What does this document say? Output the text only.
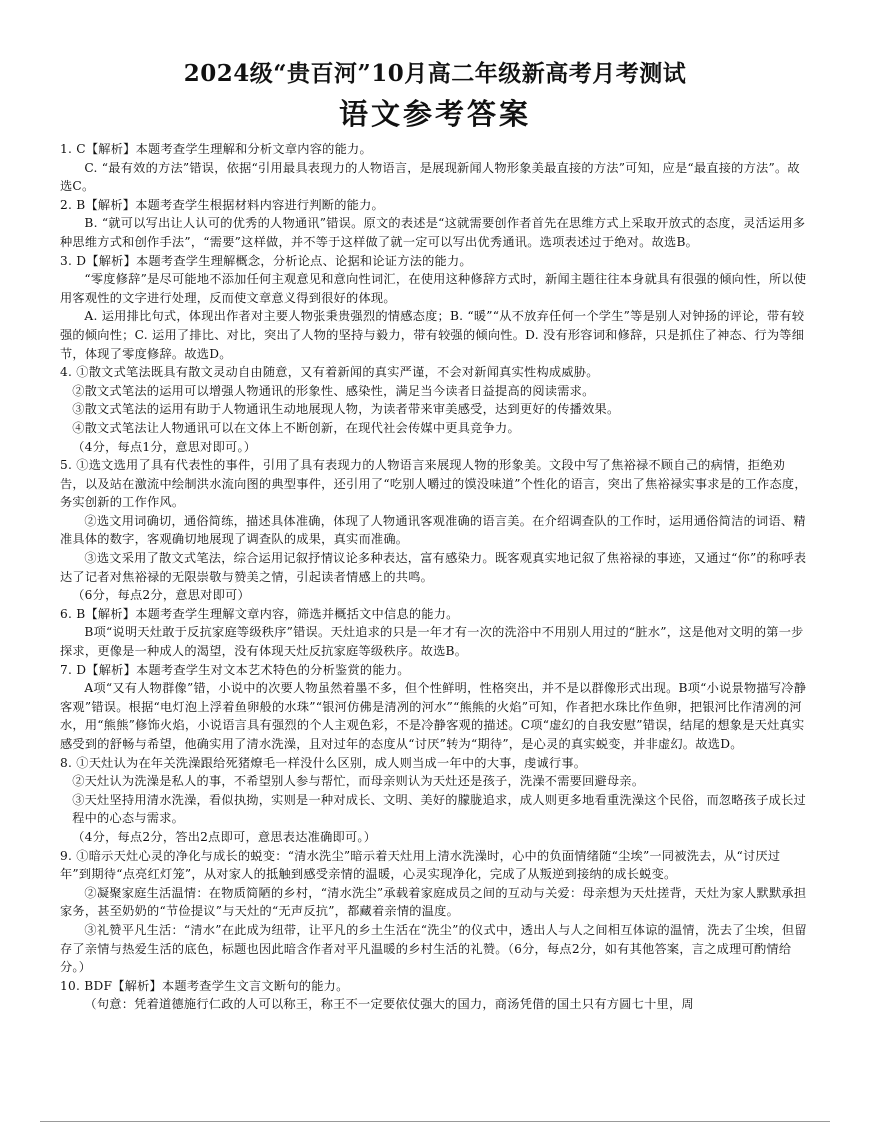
2024级“贵百河”10月高二年级新高考月考测试
语文参考答案

1. C【解析】本题考查学生理解和分析文章内容的能力。

C. “最有效的方法”错误，依据“引用最具表现力的人物语言，是展现新闻人物形象美最直接的方法”可知，应是“最直接的方法”。故选C。

2. B【解析】本题考查学生根据材料内容进行判断的能力。

B. “就可以写出让人认可的优秀的人物通讯”错误。原文的表述是“这就需要创作者首先在思维方式上采取开放式的态度，灵活运用多种思维方式和创作手法”，“需要”这样做，并不等于这样做了就一定可以写出优秀通讯。选项表述过于绝对。故选B。

3. D【解析】本题考查学生理解概念，分析论点、论据和论证方法的能力。

“零度修辞”是尽可能地不添加任何主观意见和意向性词汇，在使用这种修辞方式时，新闻主题往往本身就具有很强的倾向性，所以使用客观性的文字进行处理，反而使文章意义得到很好的体现。

A. 运用排比句式，体现出作者对主要人物张秉贵强烈的情感态度；B. “暖”“从不放弃任何一个学生”等是别人对钟扬的评论，带有较强的倾向性；C. 运用了排比、对比，突出了人物的坚持与毅力，带有较强的倾向性。D. 没有形容词和修辞，只是抓住了神态、行为等细节，体现了零度修辞。故选D。

4. ①散文式笔法既具有散文灵动自由随意，又有着新闻的真实严谨，不会对新闻真实性构成威胁。

②散文式笔法的运用可以增强人物通讯的形象性、感染性，满足当今读者日益提高的阅读需求。

③散文式笔法的运用有助于人物通讯生动地展现人物，为读者带来审美感受，达到更好的传播效果。

④散文式笔法让人物通讯可以在文体上不断创新，在现代社会传媒中更具竞争力。

（4分，每点1分，意思对即可。）

5. ①选文选用了具有代表性的事件，引用了具有表现力的人物语言来展现人物的形象美。文段中写了焦裕禄不顾自己的病情，拒绝劝告，以及站在激流中绘制洪水流向图的典型事件，还引用了“吃别人嚼过的馍没味道”个性化的语言，突出了焦裕禄实事求是的工作态度，务实创新的工作作风。

②选文用词确切，通俗简练，描述具体准确，体现了人物通讯客观准确的语言美。在介绍调查队的工作时，运用通俗简洁的词语、精准具体的数字，客观确切地展现了调查队的成果，真实而准确。

③选文采用了散文式笔法，综合运用记叙抒情议论多种表达，富有感染力。既客观真实地记叙了焦裕禄的事迹，又通过“你”的称呼表达了记者对焦裕禄的无限崇敬与赞美之情，引起读者情感上的共鸣。

（6分，每点2分，意思对即可）

6. B【解析】本题考查学生理解文章内容，筛选并概括文中信息的能力。

B项“说明天灶敢于反抗家庭等级秩序”错误。天灶追求的只是一年才有一次的洗浴中不用别人用过的“脏水”，这是他对文明的第一步探求，更像是一种成人的渴望，没有体现天灶反抗家庭等级秩序。故选B。

7. D【解析】本题考查学生对文本艺术特色的分析鉴赏的能力。

A项“又有人物群像”错，小说中的次要人物虽然着墨不多，但个性鲜明，性格突出，并不是以群像形式出现。B项“小说景物描写冷静客观”错误。根据“电灯泡上浮着鱼卵般的水珠”“银河仿佛是清冽的河水”“熊熊的火焰”可知，作者把水珠比作鱼卵，把银河比作清冽的河水，用“熊熊”修饰火焰，小说语言具有强烈的个人主观色彩，不是冷静客观的描述。C项“虚幻的自我安慰”错误，结尾的想象是天灶真实感受到的舒畅与希望，他确实用了清水洗澡，且对过年的态度从“讨厌”转为“期待”，是心灵的真实蜕变，并非虚幻。故选D。

8. ①天灶认为在年关洗澡跟给死猪燎毛一样没什么区别，成人则当成一年中的大事，虔诚行事。

②天灶认为洗澡是私人的事，不希望别人参与帮忙，而母亲则认为天灶还是孩子，洗澡不需要回避母亲。

③天灶坚持用清水洗澡，看似执拗，实则是一种对成长、文明、美好的朦胧追求，成人则更多地看重洗澡这个民俗，而忽略孩子成长过程中的心态与需求。

（4分，每点2分，答出2点即可，意思表达准确即可。）

9. ①暗示天灶心灵的净化与成长的蜕变：“清水洗尘”暗示着天灶用上清水洗澡时，心中的负面情绪随“尘埃”一同被洗去，从“讨厌过年”到期待“点亮红灯笼”，从对家人的抵触到感受亲情的温暖，心灵实现净化，完成了从叛逆到接纳的成长蜕变。

②凝聚家庭生活温情：在物质简陋的乡村，“清水洗尘”承载着家庭成员之间的互动与关爱：母亲想为天灶搓背，天灶为家人默默承担家务，甚至奶奶的“节俭提议”与天灶的“无声反抗”，都藏着亲情的温度。

③礼赞平凡生活：“清水”在此成为纽带，让平凡的乡土生活在“洗尘”的仪式中，透出人与人之间相互体谅的温情，洗去了尘埃，但留存了亲情与热爱生活的底色，标题也因此暗含作者对平凡温暖的乡村生活的礼赞。（6分，每点2分，如有其他答案，言之成理可酌情给分。）

10. BDF【解析】本题考查学生文言文断句的能力。

（句意：凭着道德施行仁政的人可以称王，称王不一定要依仗强大的国力，商汤凭借的国土只有方圆七十里，周
